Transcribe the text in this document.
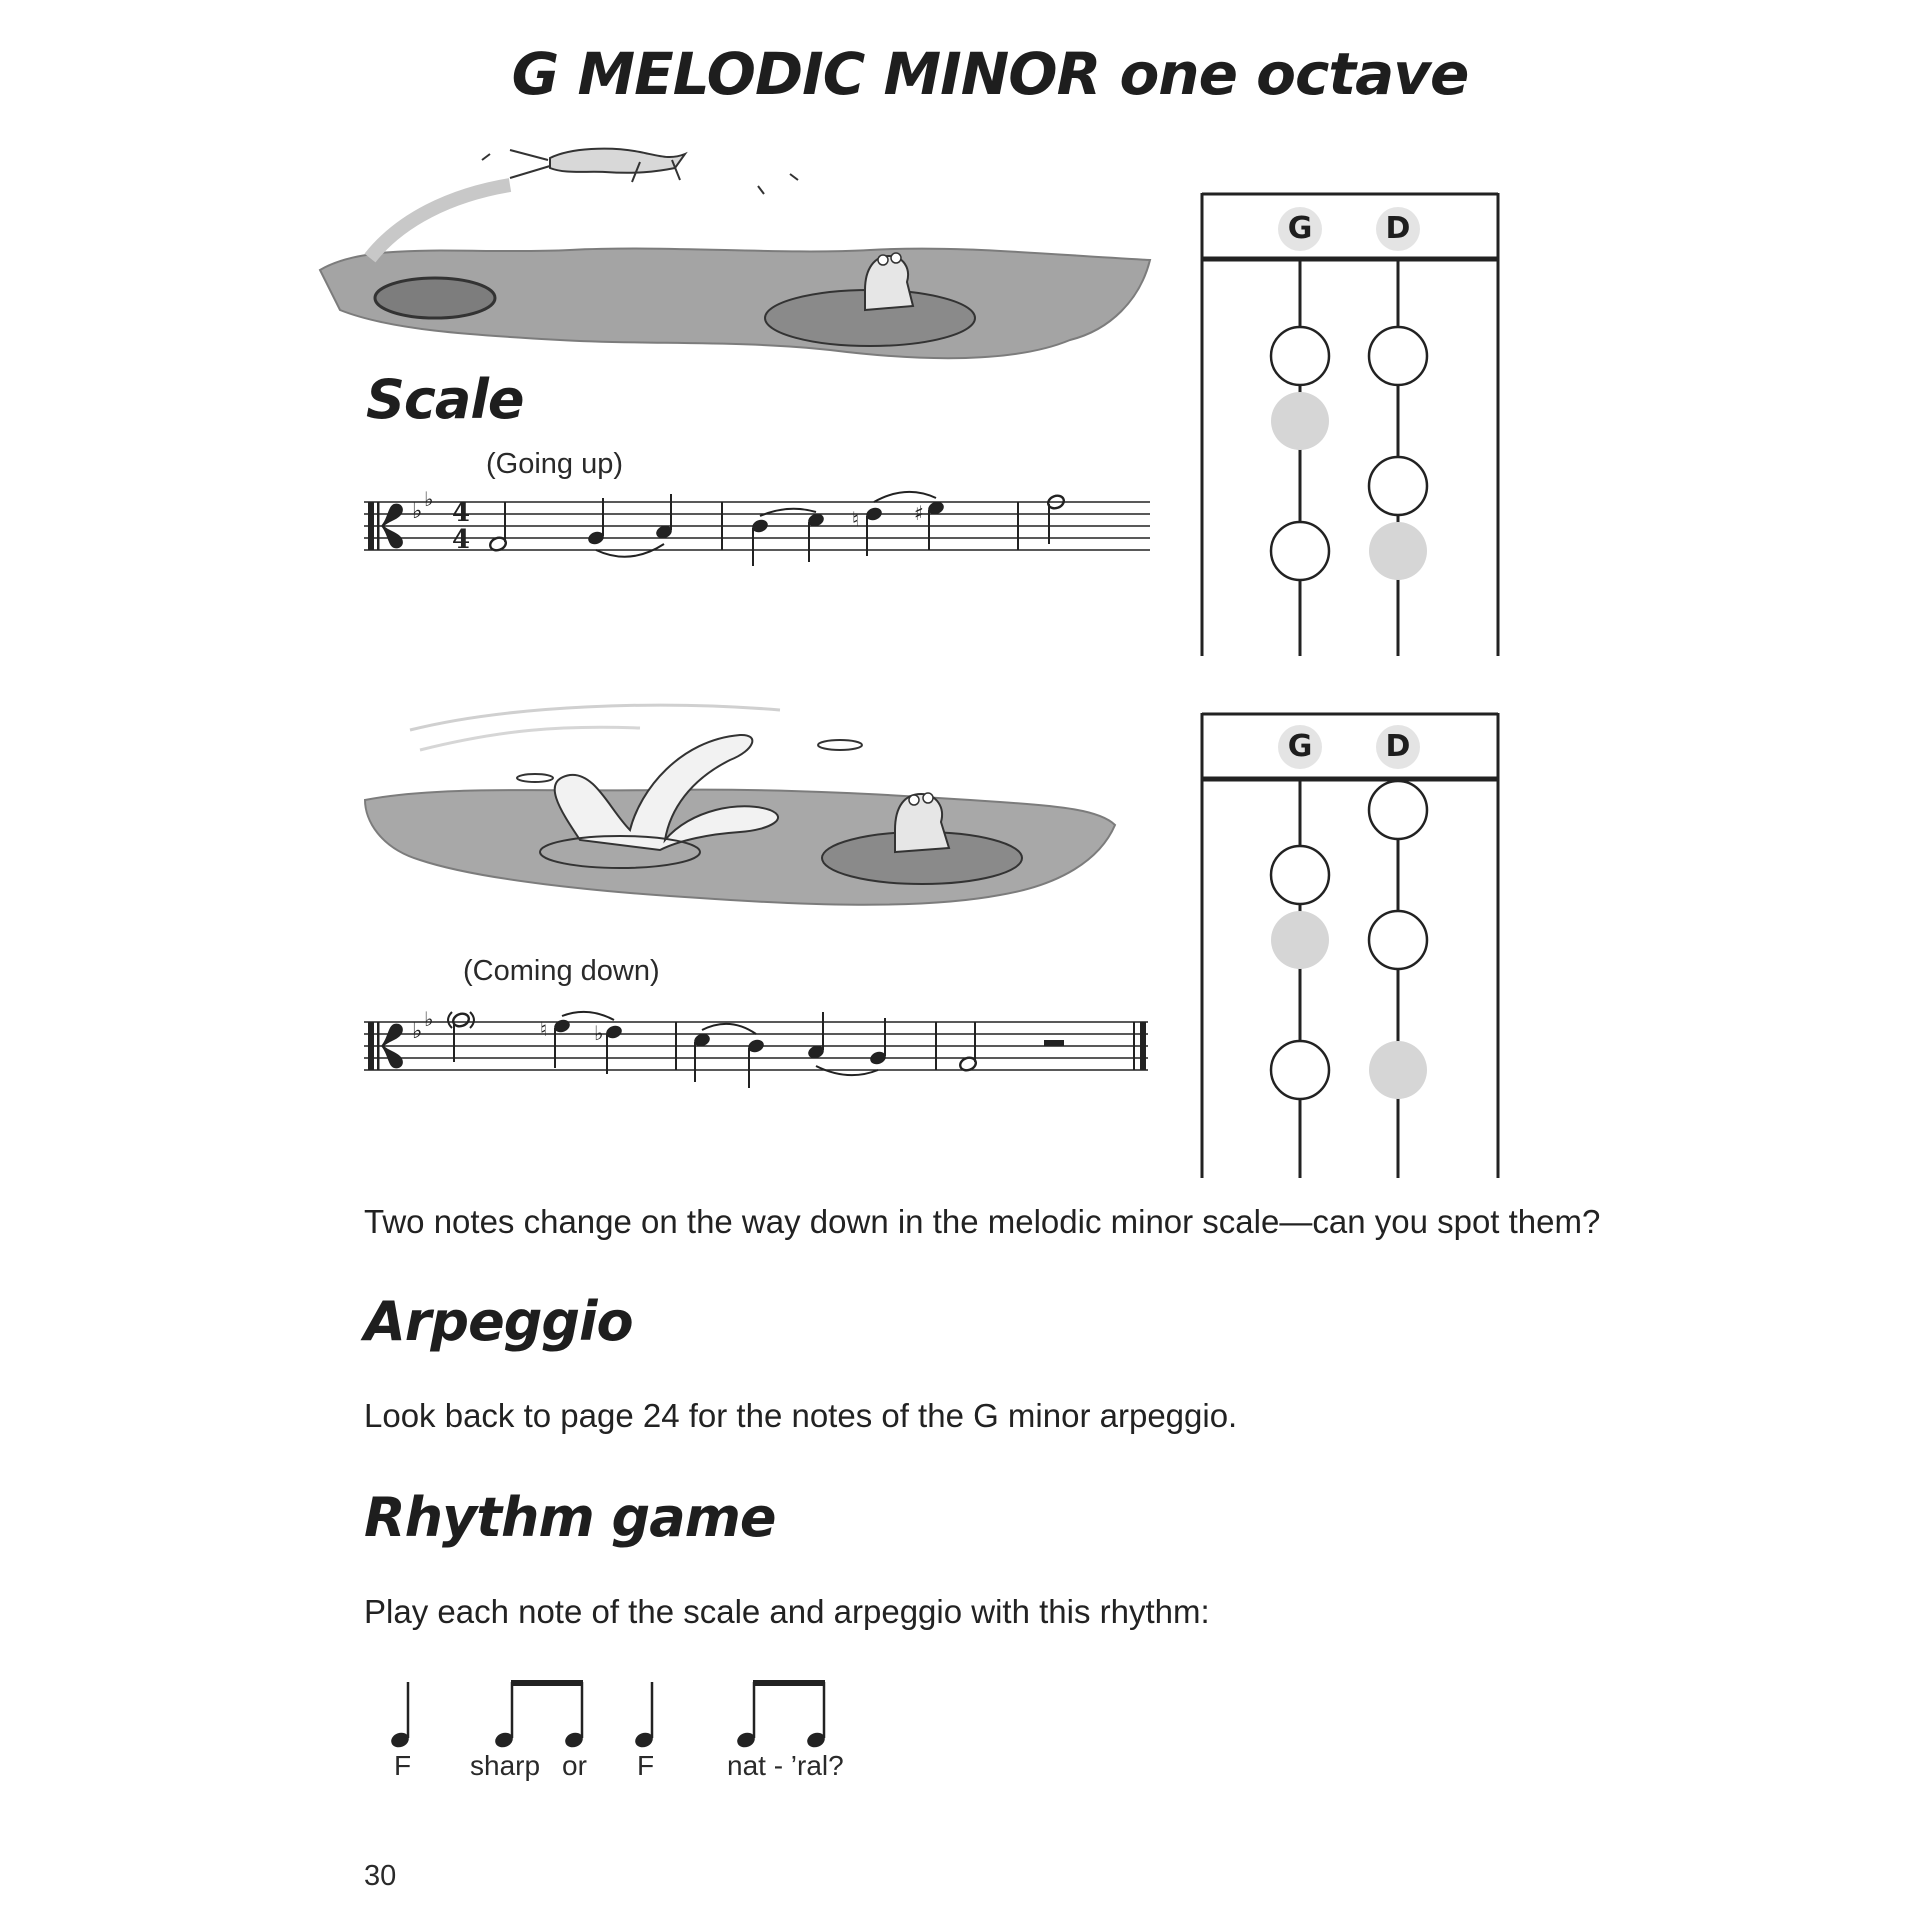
G MELODIC MINOR one octave
Scale
(Going up)
♭ ♭ 4
4
♮	♯
G	D
(Coming down)
♭ ♭	♮ ♭
G	D
Two notes change on the way down in the melodic minor scale—can you spot them?
Arpeggio
Look back to page 24 for the notes of the G minor arpeggio.
Rhythm game
Play each note of the scale and arpeggio with this rhythm:
F sharp or F	nat - ’ral?
30
